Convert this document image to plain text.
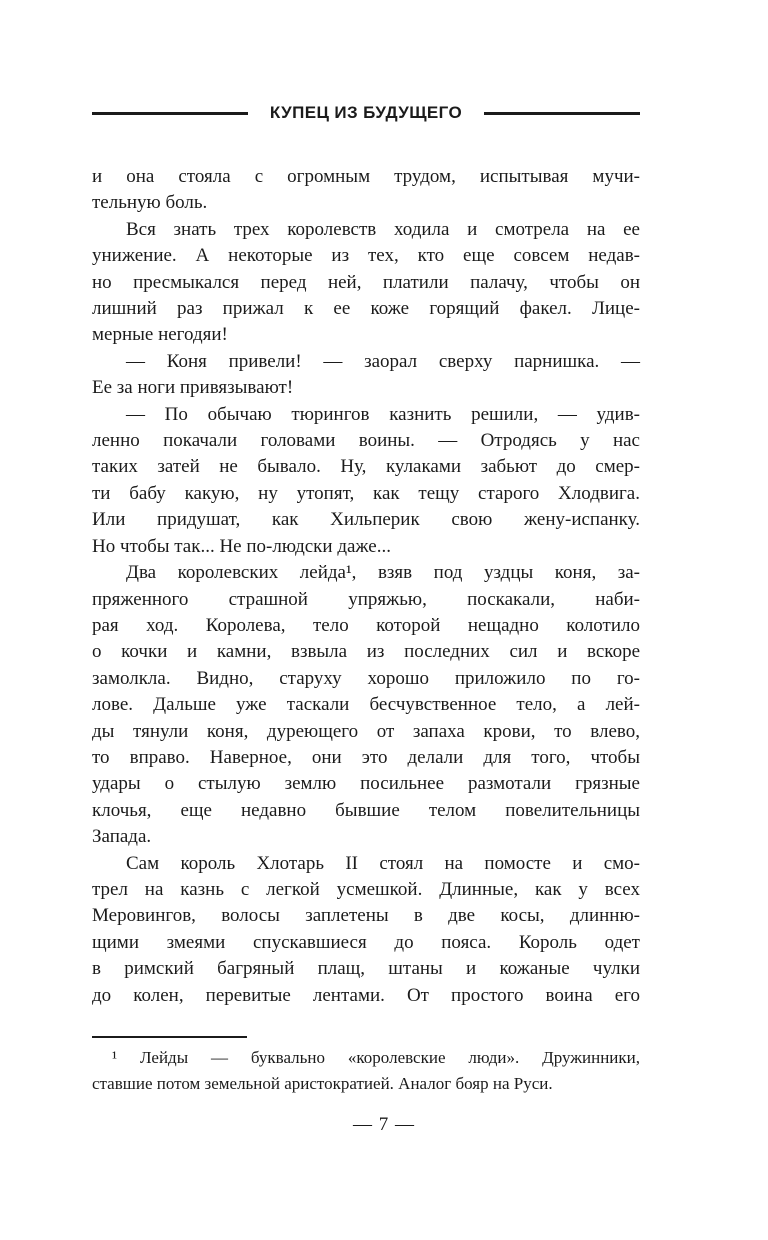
КУПЕЦ ИЗ БУДУЩЕГО
и она стояла с огромным трудом, испытывая мучи-
тельную боль.
Вся знать трех королевств ходила и смотрела на ее
унижение. А некоторые из тех, кто еще совсем недав-
но пресмыкался перед ней, платили палачу, чтобы он
лишний раз прижал к ее коже горящий факел. Лице-
мерные негодяи!
— Коня привели! — заорал сверху парнишка. —
Ее за ноги привязывают!
— По обычаю тюрингов казнить решили, — удив-
ленно покачали головами воины. — Отродясь у нас
таких затей не бывало. Ну, кулаками забьют до смер-
ти бабу какую, ну утопят, как тещу старого Хлодвига.
Или придушат, как Хильперик свою жену-испанку.
Но чтобы так... Не по-людски даже...
Два королевских лейда¹, взяв под уздцы коня, за-
пряженного страшной упряжью, поскакали, наби-
рая ход. Королева, тело которой нещадно колотило
о кочки и камни, взвыла из последних сил и вскоре
замолкла. Видно, старуху хорошо приложило по го-
лове. Дальше уже таскали бесчувственное тело, а лей-
ды тянули коня, дуреющего от запаха крови, то влево,
то вправо. Наверное, они это делали для того, чтобы
удары о стылую землю посильнее размотали грязные
клочья, еще недавно бывшие телом повелительницы
Запада.
Сам король Хлотарь II стоял на помосте и смо-
трел на казнь с легкой усмешкой. Длинные, как у всех
Меровингов, волосы заплетены в две косы, длинню-
щими змеями спускавшиеся до пояса. Король одет
в римский багряный плащ, штаны и кожаные чулки
до колен, перевитые лентами. От простого воина его
¹ Лейды — буквально «королевские люди». Дружинники,
ставшие потом земельной аристократией. Аналог бояр на Руси.
— 7 —
